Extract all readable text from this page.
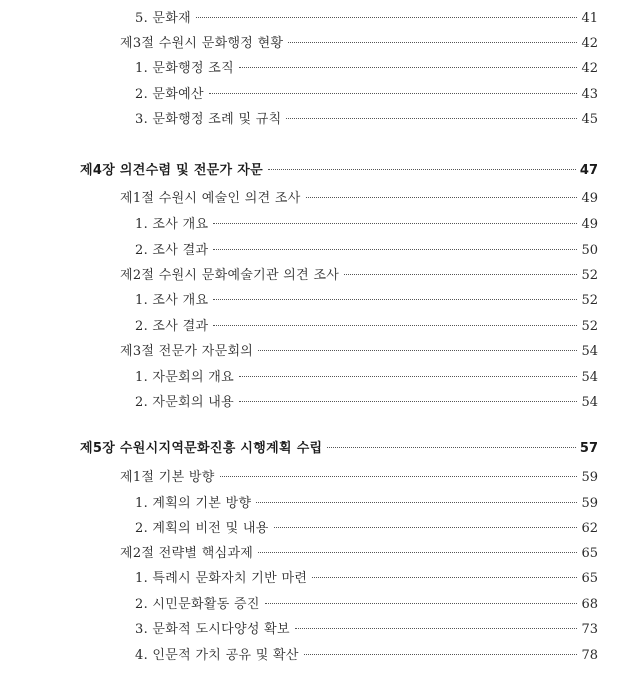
5. 문화재	41
제3절 수원시 문화행정 현황	42
1. 문화행정 조직	42
2. 문화예산	43
3. 문화행정 조례 및 규칙	45
제4장 의견수렴 및 전문가 자문	47
제1절 수원시 예술인 의견 조사	49
1. 조사 개요	49
2. 조사 결과	50
제2절 수원시 문화예술기관 의견 조사	52
1. 조사 개요	52
2. 조사 결과	52
제3절 전문가 자문회의	54
1. 자문회의 개요	54
2. 자문회의 내용	54
제5장 수원시지역문화진흥 시행계획 수립	57
제1절 기본 방향	59
1. 계획의 기본 방향	59
2. 계획의 비전 및 내용	62
제2절 전략별 핵심과제	65
1. 특례시 문화자치 기반 마련	65
2. 시민문화활동 증진	68
3. 문화적 도시다양성 확보	73
4. 인문적 가치 공유 및 확산	78
